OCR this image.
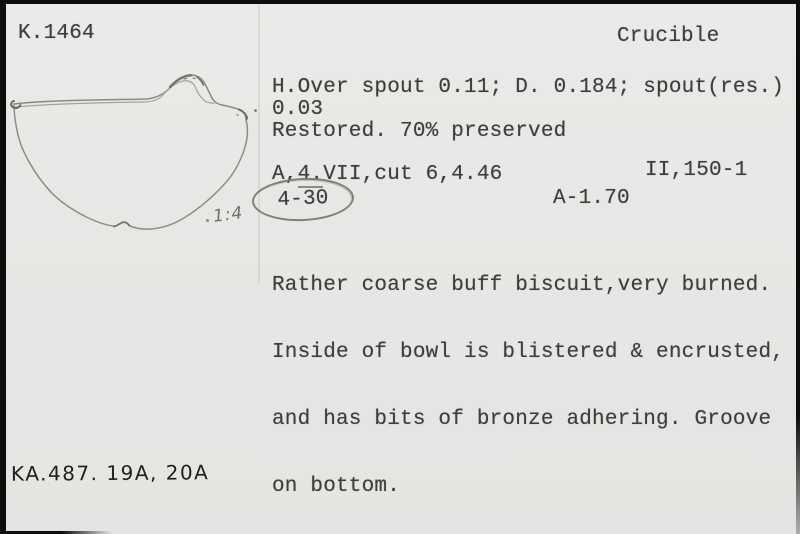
K.1464	Crucible
1:4
H.Over spout 0.11; D. 0.184; spout(res.)
0.03
Restored. 70% preserved
A,4.VII,cut 6,4.46	II,150-1
4-30	A-1.70

Rather coarse buff biscuit,very burned.

Inside of bowl is blistered & encrusted,

and has bits of bronze adhering. Groove

on bottom.

KA.487. 19A, 20A
